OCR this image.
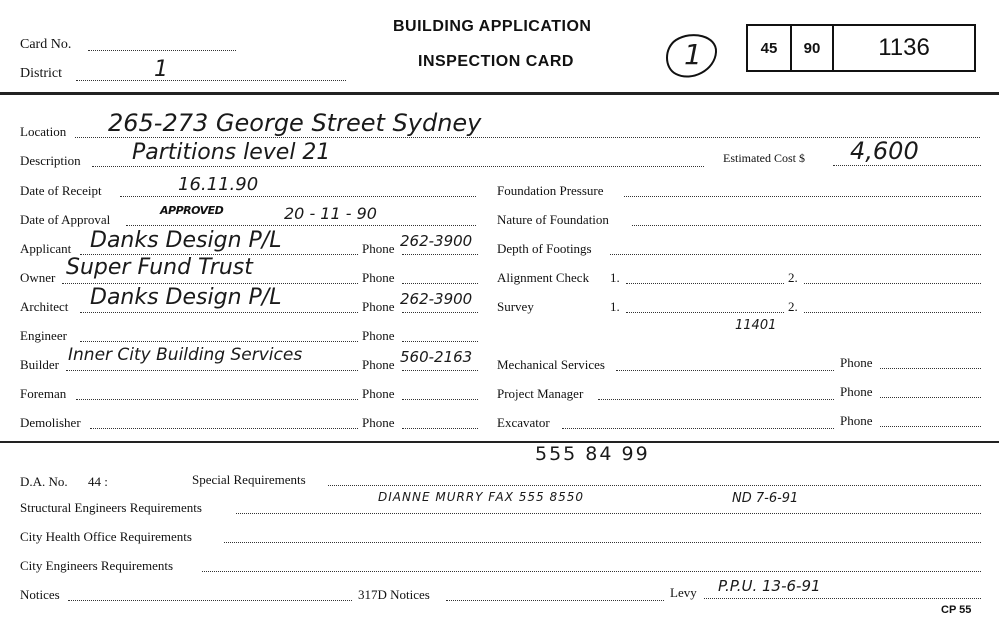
Card No.
District	1
BUILDING APPLICATION
INSPECTION CARD	1	45	90	1136
Location 265-273 George Street Sydney
Description Partitions level 21	Estimated Cost $ 4,600
Date of Receipt	16.11.90
Date of Approval
APPROVED	20 - 11 - 90
Applicant Danks Design P/L	Phone 262-3900
Owner Super Fund Trust	Phone
Architect Danks Design P/L	Phone 262-3900
Engineer	Phone
Builder Inner City Building Services	Phone 560-2163
Foreman	Phone
Demolisher	Phone
Foundation Pressure
Nature of Foundation
Depth of Footings
Alignment Check 1.	2.
Survey	1.	2.
11401
Mechanical Services	Phone
Project Manager	Phone
Excavator	Phone
555 84 99
D.A. No. 44 :	Special Requirements
Structural Engineers Requirements
DIANNE MURRY FAX 555 8550	ND 7-6-91
City Health Office Requirements
City Engineers Requirements
Notices	317D Notices	Levy P.P.U. 13-6-91
CP 55
